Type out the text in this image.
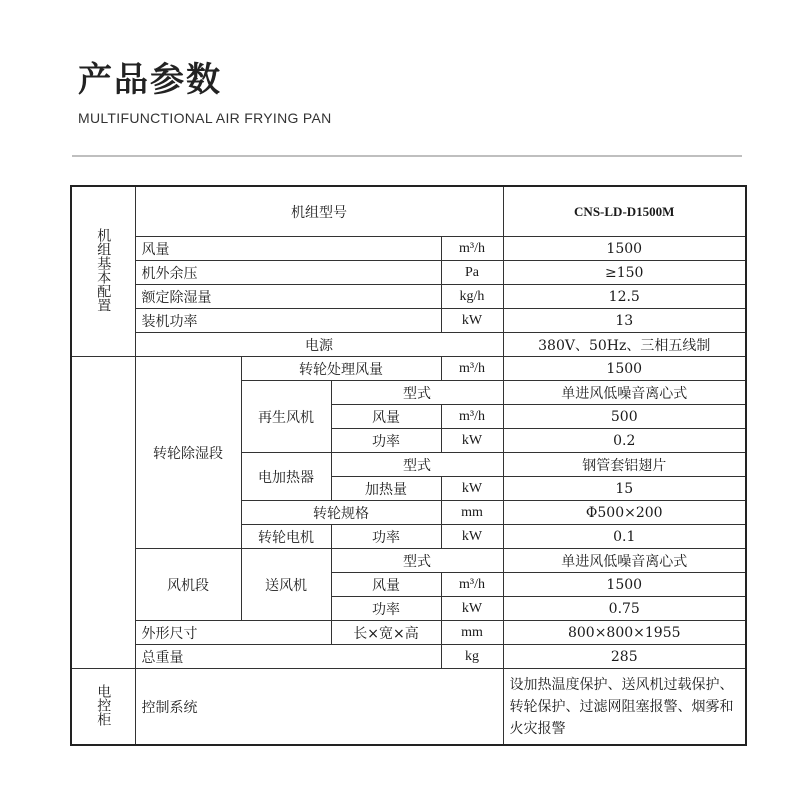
产品参数
MULTIFUNCTIONAL AIR FRYING PAN
机组基本配置	机组型号				CNS-LD-D1500M
	风量			m³/h	1500
	机外余压			Pa	≥150
	额定除湿量			kg/h	12.5
	装机功率			kW	13
	电源				380V、50Hz、三相五线制
	转轮除湿段	转轮处理风量		m³/h	1500
		再生风机	型式		单进风低噪音离心式
			风量	m³/h	500
			功率	kW	0.2
		电加热器	型式		钢管套铝翅片
			加热量	kW	15
		转轮规格		mm	Φ500×200
		转轮电机	功率	kW	0.1
	风机段	送风机	型式		单进风低噪音离心式
			风量	m³/h	1500
			功率	kW	0.75
	外形尺寸		长×宽×高	mm	800×800×1955
	总重量			kg	285
电控柜	控制系统				设加热温度保护、送风机过载保护、转轮保护、过滤网阻塞报警、烟雾和火灾报警
